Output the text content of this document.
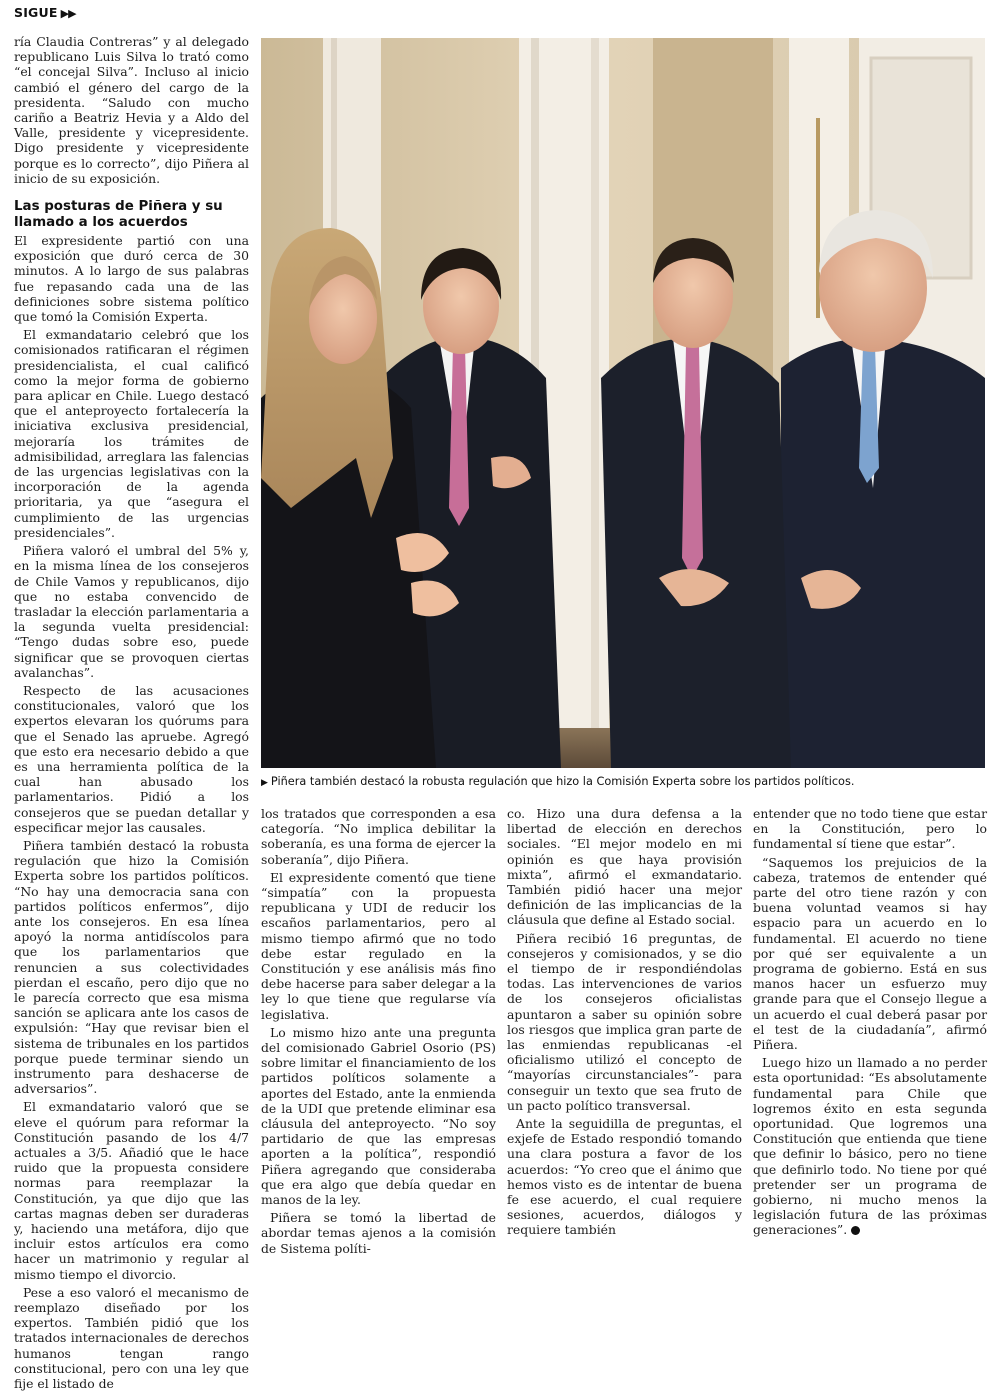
SIGUE ▶▶

ría Claudia Contreras” y al delegado republicano Luis Silva lo trató como “el concejal Silva”. Incluso al inicio cambió el género del cargo de la presidenta. “Saludo con mucho cariño a Beatriz Hevia y a Aldo del Valle, presidente y vicepresidente. Digo presidente y vicepresidente porque es lo correcto”, dijo Piñera al inicio de su exposición.

Las posturas de Piñera y su llamado a los acuerdos

El expresidente partió con una exposición que duró cerca de 30 minutos. A lo largo de sus palabras fue repasando cada una de las definiciones sobre sistema político que tomó la Comisión Experta.

El exmandatario celebró que los comisionados ratificaran el régimen presidencialista, el cual calificó como la mejor forma de gobierno para aplicar en Chile. Luego destacó que el anteproyecto fortalecería la iniciativa exclusiva presidencial, mejoraría los trámites de admisibilidad, arreglara las falencias de las urgencias legislativas con la incorporación de la agenda prioritaria, ya que “asegura el cumplimiento de las urgencias presidenciales”.

Piñera valoró el umbral del 5% y, en la misma línea de los consejeros de Chile Vamos y republicanos, dijo que no estaba convencido de trasladar la elección parlamentaria a la segunda vuelta presidencial: “Tengo dudas sobre eso, puede significar que se provoquen ciertas avalanchas”.

Respecto de las acusaciones constitucionales, valoró que los expertos elevaran los quórums para que el Senado las apruebe. Agregó que esto era necesario debido a que es una herramienta política de la cual han abusado los parlamentarios. Pidió a los consejeros que se puedan detallar y especificar mejor las causales.

Piñera también destacó la robusta regulación que hizo la Comisión Experta sobre los partidos políticos. “No hay una democracia sana con partidos políticos enfermos”, dijo ante los consejeros. En esa línea apoyó la norma antidíscolos para que los parlamentarios que renuncien a sus colectividades pierdan el escaño, pero dijo que no le parecía correcto que esa misma sanción se aplicara ante los casos de expulsión: “Hay que revisar bien el sistema de tribunales en los partidos porque puede terminar siendo un instrumento para deshacerse de adversarios”.

El exmandatario valoró que se eleve el quórum para reformar la Constitución pasando de los 4/7 actuales a 3/5. Añadió que le hace ruido que la propuesta considere normas para reemplazar la Constitución, ya que dijo que las cartas magnas deben ser duraderas y, haciendo una metáfora, dijo que incluir estos artículos era como hacer un matrimonio y regular al mismo tiempo el divorcio.

Pese a eso valoró el mecanismo de reemplazo diseñado por los expertos. También pidió que los tratados internacionales de derechos humanos tengan rango constitucional, pero con una ley que fije el listado de

▶ Piñera también destacó la robusta regulación que hizo la Comisión Experta sobre los partidos políticos.

los tratados que corresponden a esa categoría. “No implica debilitar la soberanía, es una forma de ejercer la soberanía”, dijo Piñera.

El expresidente comentó que tiene “simpatía” con la propuesta republicana y UDI de reducir los escaños parlamentarios, pero al mismo tiempo afirmó que no todo debe estar regulado en la Constitución y ese análisis más fino debe hacerse para saber delegar a la ley lo que tiene que regularse vía legislativa.

Lo mismo hizo ante una pregunta del comisionado Gabriel Osorio (PS) sobre limitar el financiamiento de los partidos políticos solamente a aportes del Estado, ante la enmienda de la UDI que pretende eliminar esa cláusula del anteproyecto. “No soy partidario de que las empresas aporten a la política”, respondió Piñera agregando que consideraba que era algo que debía quedar en manos de la ley.

Piñera se tomó la libertad de abordar temas ajenos a la comisión de Sistema políti-

co. Hizo una dura defensa a la libertad de elección en derechos sociales. “El mejor modelo en mi opinión es que haya provisión mixta”, afirmó el exmandatario. También pidió hacer una mejor definición de las implicancias de la cláusula que define al Estado social.

Piñera recibió 16 preguntas, de consejeros y comisionados, y se dio el tiempo de ir respondiéndolas todas. Las intervenciones de varios de los consejeros oficialistas apuntaron a saber su opinión sobre los riesgos que implica gran parte de las enmiendas republicanas -el oficialismo utilizó el concepto de “mayorías circunstanciales”- para conseguir un texto que sea fruto de un pacto político transversal.

Ante la seguidilla de preguntas, el exjefe de Estado respondió tomando una clara postura a favor de los acuerdos: “Yo creo que el ánimo que hemos visto es de intentar de buena fe ese acuerdo, el cual requiere sesiones, acuerdos, diálogos y requiere también

entender que no todo tiene que estar en la Constitución, pero lo fundamental sí tiene que estar”.

“Saquemos los prejuicios de la cabeza, tratemos de entender qué parte del otro tiene razón y con buena voluntad veamos si hay espacio para un acuerdo en lo fundamental. El acuerdo no tiene por qué ser equivalente a un programa de gobierno. Está en sus manos hacer un esfuerzo muy grande para que el Consejo llegue a un acuerdo el cual deberá pasar por el test de la ciudadanía”, afirmó Piñera.

Luego hizo un llamado a no perder esta oportunidad: “Es absolutamente fundamental para Chile que logremos éxito en esta segunda oportunidad. Que logremos una Constitución que entienda que tiene que definir lo básico, pero no tiene que definirlo todo. No tiene por qué pretender ser un programa de gobierno, ni mucho menos la legislación futura de las próximas generaciones”.
